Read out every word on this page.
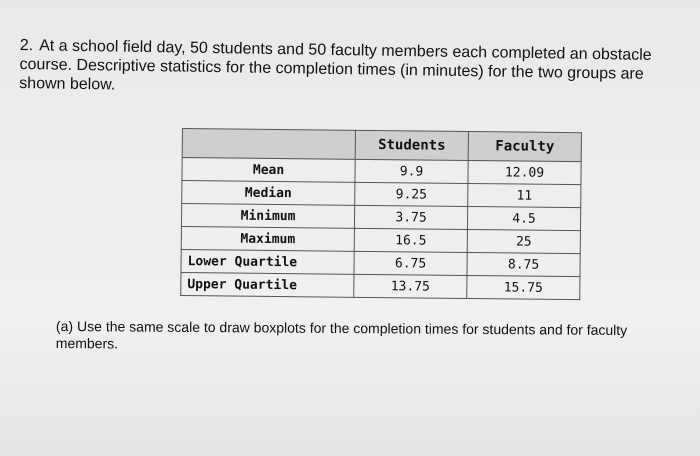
2. At a school field day, 50 students and 50 faculty members each completed an obstacle course. Descriptive statistics for the completion times (in minutes) for the two groups are shown below.
	Students	Faculty
Mean	9.9	12.09
Median	9.25	11
Minimum	3.75	4.5
Maximum	16.5	25
Lower Quartile	6.75	8.75
Upper Quartile	13.75	15.75
(a) Use the same scale to draw boxplots for the completion times for students and for faculty members.
